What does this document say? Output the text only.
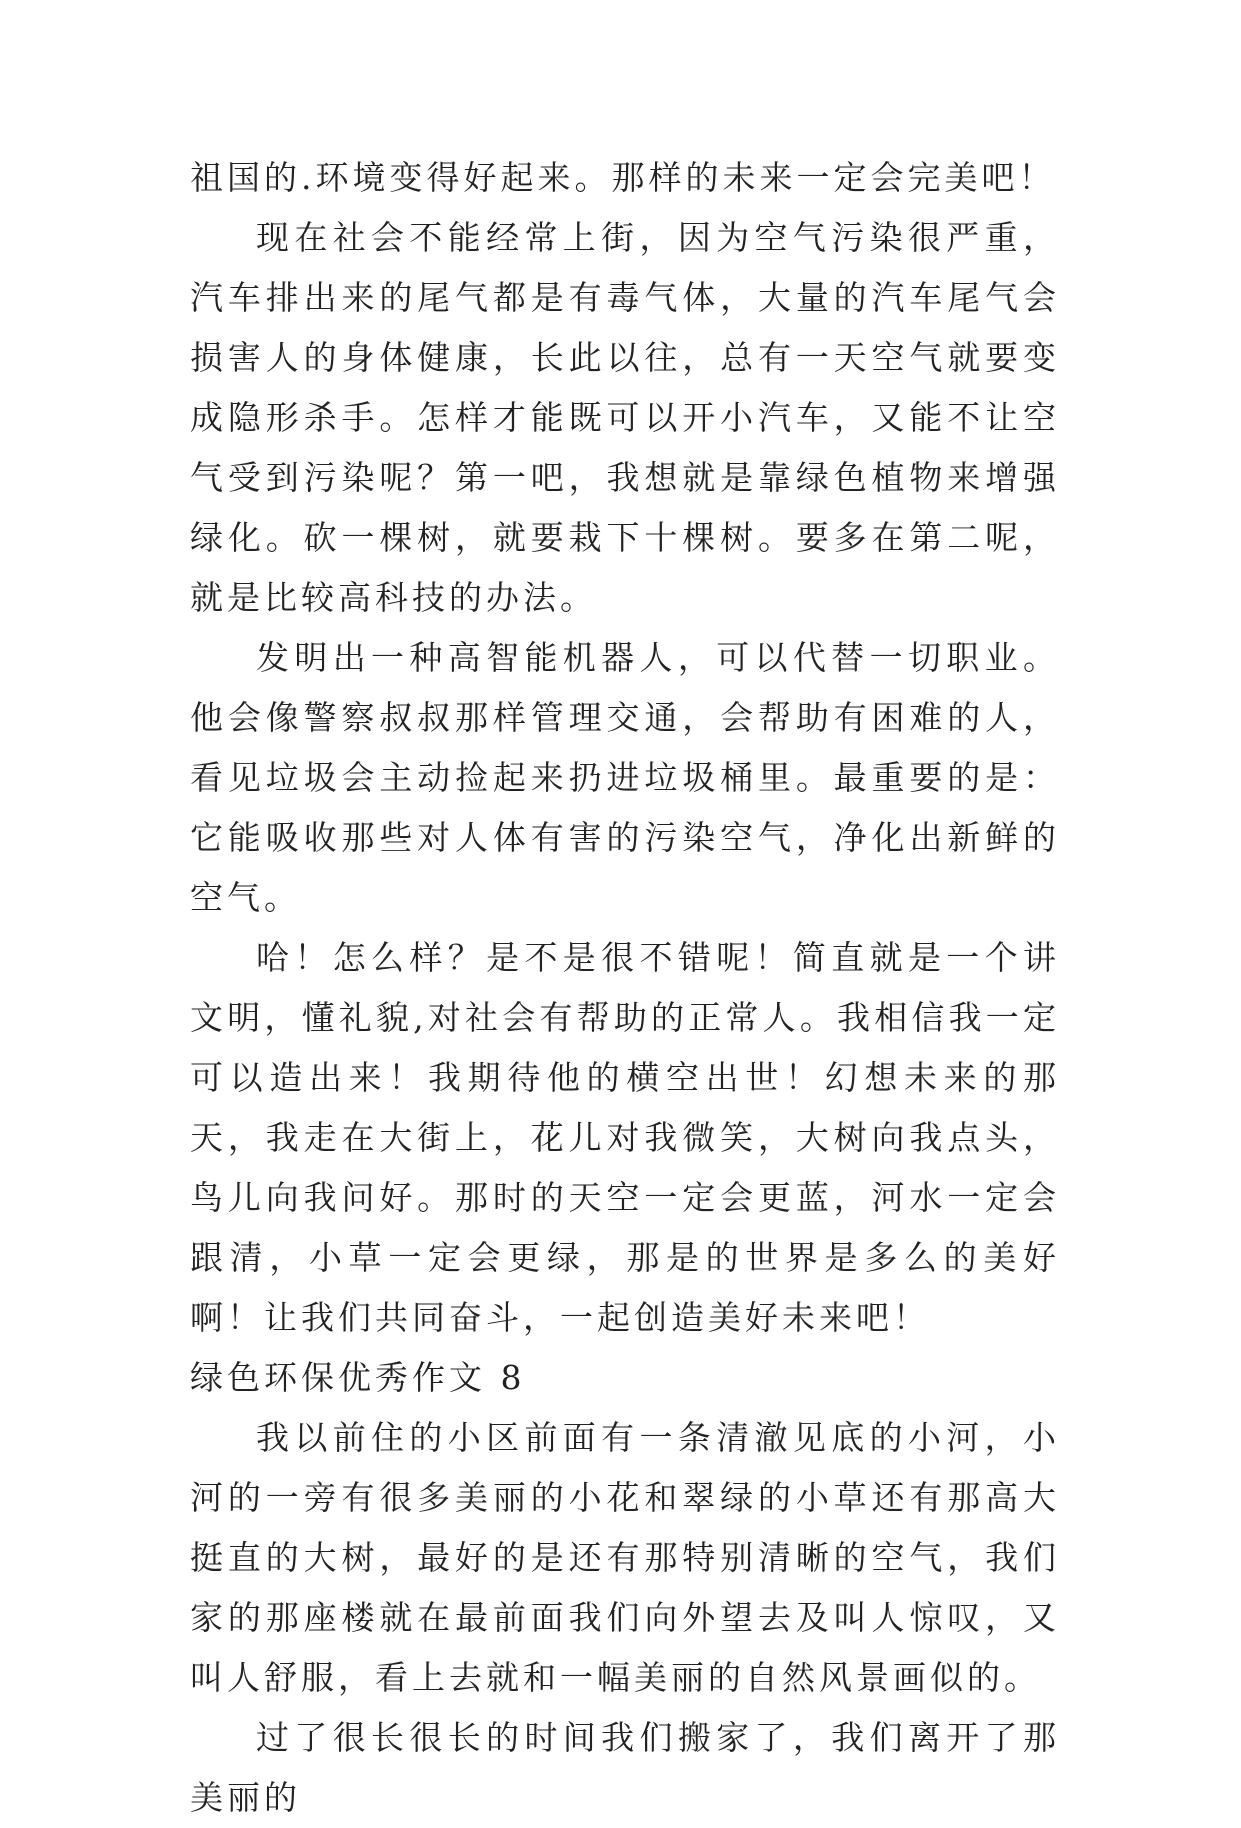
祖国的.环境变得好起来。那样的未来一定会完美吧！

现在社会不能经常上街，因为空气污染很严重，汽车排出来的尾气都是有毒气体，大量的汽车尾气会损害人的身体健康，长此以往，总有一天空气就要变成隐形杀手。怎样才能既可以开小汽车，又能不让空气受到污染呢？第一吧，我想就是靠绿色植物来增强绿化。砍一棵树，就要栽下十棵树。要多在第二呢，就是比较高科技的办法。

发明出一种高智能机器人，可以代替一切职业。他会像警察叔叔那样管理交通，会帮助有困难的人，看见垃圾会主动捡起来扔进垃圾桶里。最重要的是：它能吸收那些对人体有害的污染空气，净化出新鲜的空气。

哈！怎么样？是不是很不错呢！简直就是一个讲文明，懂礼貌,对社会有帮助的正常人。我相信我一定可以造出来！我期待他的横空出世！幻想未来的那天，我走在大街上，花儿对我微笑，大树向我点头，鸟儿向我问好。那时的天空一定会更蓝，河水一定会跟清，小草一定会更绿，那是的世界是多么的美好啊！让我们共同奋斗，一起创造美好未来吧！

绿色环保优秀作文 8

我以前住的小区前面有一条清澈见底的小河，小河的一旁有很多美丽的小花和翠绿的小草还有那高大挺直的大树，最好的是还有那特别清晰的空气，我们家的那座楼就在最前面我们向外望去及叫人惊叹，又叫人舒服，看上去就和一幅美丽的自然风景画似的。

过了很长很长的时间我们搬家了，我们离开了那美丽的
